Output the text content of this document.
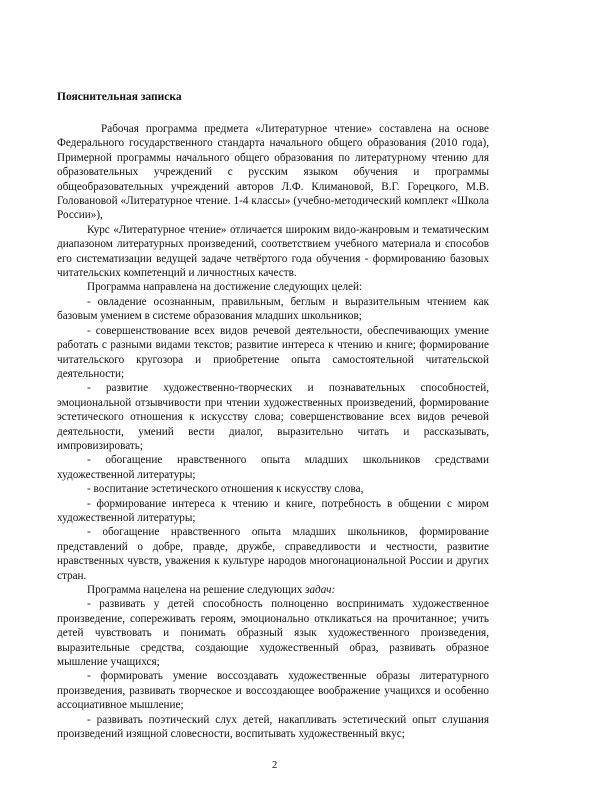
Пояснительная записка

Рабочая программа предмета «Литературное чтение» составлена на основе Федерального государственного стандарта начального общего образования (2010 года), Примерной программы начального общего образования по литературному чтению для образовательных учреждений с русским языком обучения и программы общеобразовательных учреждений авторов Л.Ф. Климановой, В.Г. Горецкого, М.В. Головановой «Литературное чтение. 1-4 классы» (учебно-методический комплект «Школа России»),

Курс «Литературное чтение» отличается широким видо-жанровым и тематическим диапазоном литературных произведений, соответствием учебного материала и способов его систематизации ведущей задаче четвёртого года обучения - формированию базовых читательских компетенций и личностных качеств.

Программа направлена на достижение следующих целей:

- овладение осознанным, правильным, беглым и выразительным чтением как базовым умением в системе образования младших школьников;

- совершенствование всех видов речевой деятельности, обеспечивающих умение работать с разными видами текстов; развитие интереса к чтению и книге; формирование читательского кругозора и приобретение опыта самостоятельной читательской деятельности;

- развитие художественно-творческих и познавательных способностей, эмоциональной отзывчивости при чтении художественных произведений, формирование эстетического отношения к искусству слова; совершенствование всех видов речевой деятельности, умений вести диалог, выразительно читать и рассказывать, импровизировать;

- обогащение нравственного опыта младших школьников средствами художественной литературы;

- воспитание эстетического отношения к искусству слова,

- формирование интереса к чтению и книге, потребность в общении с миром художественной литературы;

- обогащение нравственного опыта младших школьников, формирование представлений о добре, правде, дружбе, справедливости и честности, развитие нравственных чувств, уважения к культуре народов многонациональной России и других стран.

Программа нацелена на решение следующих задач:

- развивать у детей способность полноценно воспринимать художественное произведение, сопереживать героям, эмоционально откликаться на прочитанное; учить детей чувствовать и понимать образный язык художественного произведения, выразительные средства, создающие художественный образ, развивать образное мышление учащихся;

- формировать умение воссоздавать художественные образы литературного произведения, развивать творческое и воссоздающее воображение учащихся и особенно ассоциативное мышление;

- развивать поэтический слух детей, накапливать эстетический опыт слушания произведений изящной словесности, воспитывать художественный вкус;

2
